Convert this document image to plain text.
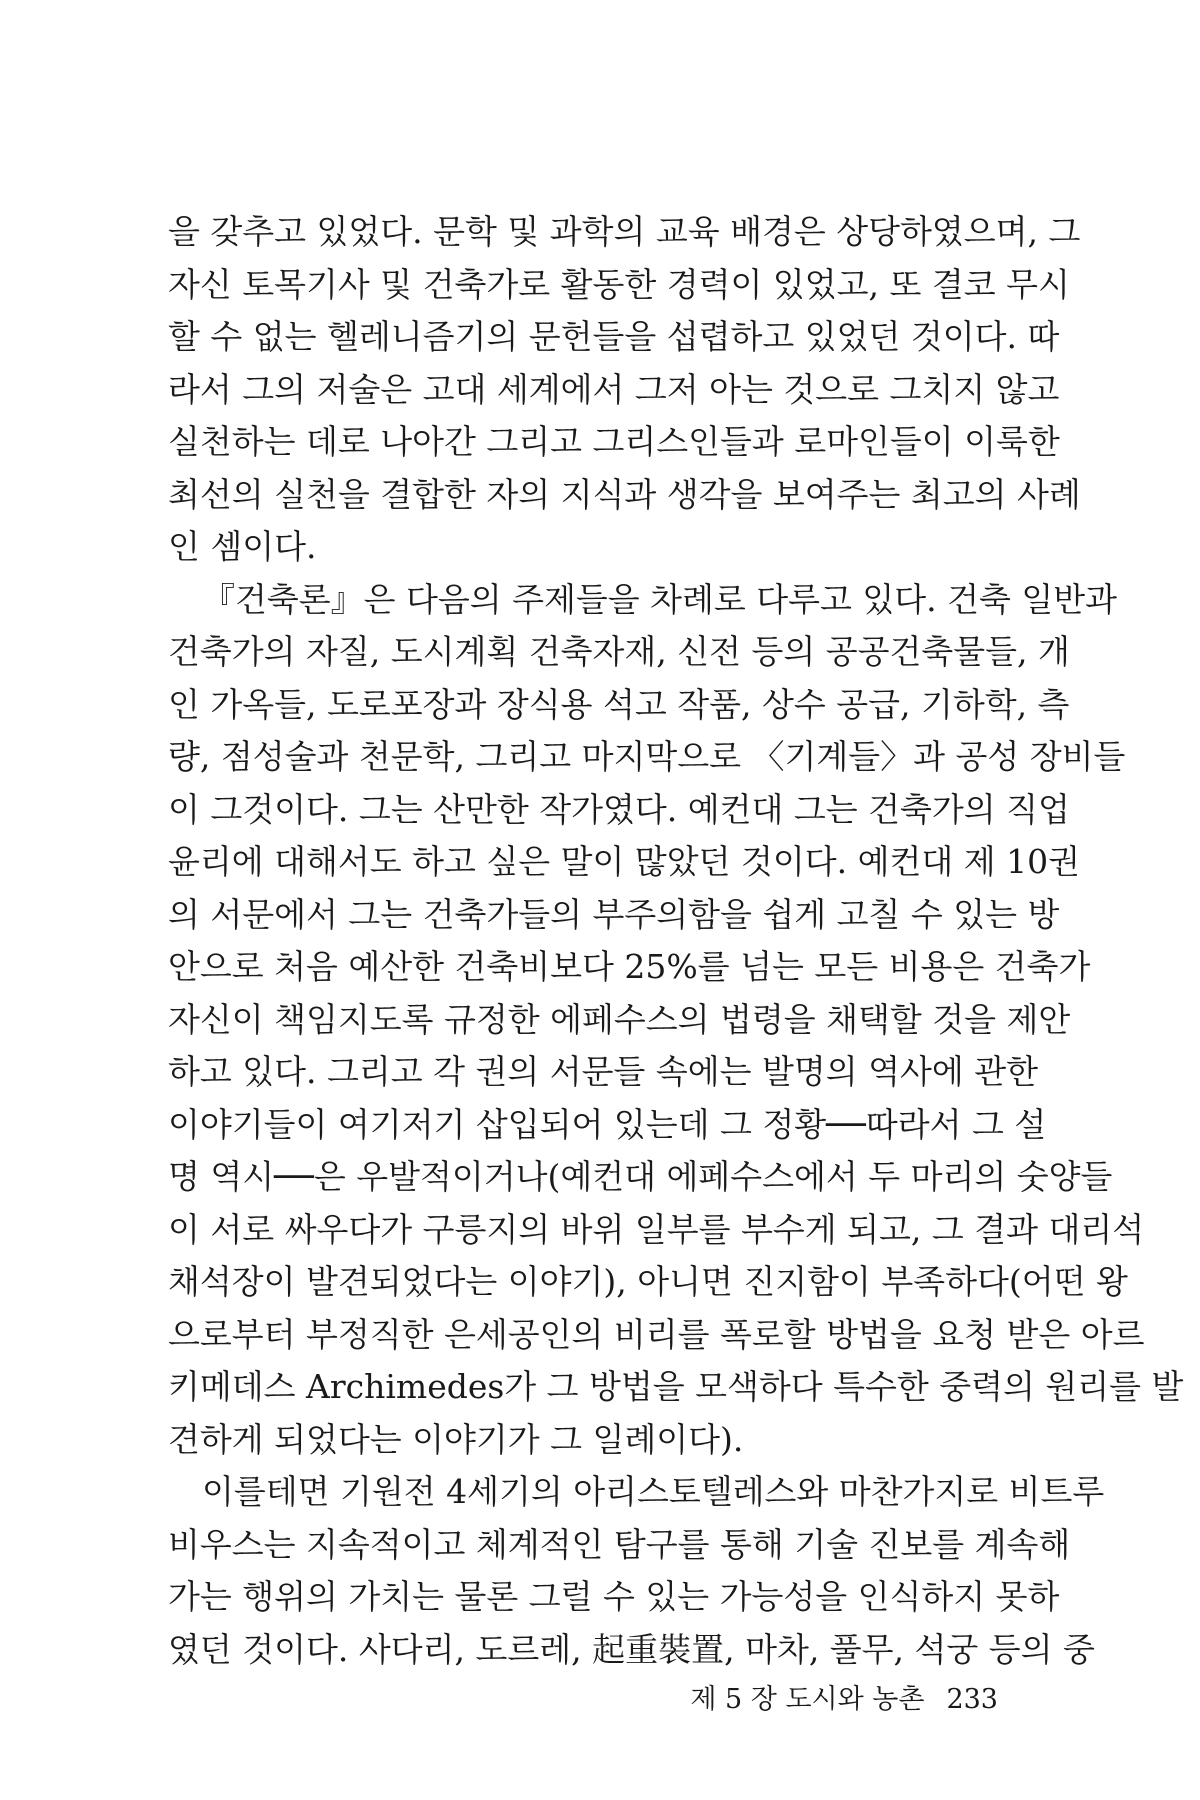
을 갖추고 있었다. 문학 및 과학의 교육 배경은 상당하였으며, 그
자신 토목기사 및 건축가로 활동한 경력이 있었고, 또 결코 무시
할 수 없는 헬레니즘기의 문헌들을 섭렵하고 있었던 것이다. 따
라서 그의 저술은 고대 세계에서 그저 아는 것으로 그치지 않고
실천하는 데로 나아간 그리고 그리스인들과 로마인들이 이룩한
최선의 실천을 결합한 자의 지식과 생각을 보여주는 최고의 사례
인 셈이다.
『건축론』은 다음의 주제들을 차례로 다루고 있다. 건축 일반과
건축가의 자질, 도시계획 건축자재, 신전 등의 공공건축물들, 개
인 가옥들, 도로포장과 장식용 석고 작품, 상수 공급, 기하학, 측
량, 점성술과 천문학, 그리고 마지막으로 〈기계들〉과 공성 장비들
이 그것이다. 그는 산만한 작가였다. 예컨대 그는 건축가의 직업
윤리에 대해서도 하고 싶은 말이 많았던 것이다. 예컨대 제 10권
의 서문에서 그는 건축가들의 부주의함을 쉽게 고칠 수 있는 방
안으로 처음 예산한 건축비보다 25%를 넘는 모든 비용은 건축가
자신이 책임지도록 규정한 에페수스의 법령을 채택할 것을 제안
하고 있다. 그리고 각 권의 서문들 속에는 발명의 역사에 관한
이야기들이 여기저기 삽입되어 있는데 그 정황──따라서 그 설
명 역시──은 우발적이거나(예컨대 에페수스에서 두 마리의 숫양들
이 서로 싸우다가 구릉지의 바위 일부를 부수게 되고, 그 결과 대리석
채석장이 발견되었다는 이야기), 아니면 진지함이 부족하다(어떤 왕
으로부터 부정직한 은세공인의 비리를 폭로할 방법을 요청 받은 아르
키메데스 Archimedes가 그 방법을 모색하다 특수한 중력의 원리를 발
견하게 되었다는 이야기가 그 일례이다).
이를테면 기원전 4세기의 아리스토텔레스와 마찬가지로 비트루
비우스는 지속적이고 체계적인 탐구를 통해 기술 진보를 계속해
가는 행위의 가치는 물론 그럴 수 있는 가능성을 인식하지 못하
였던 것이다. 사다리, 도르레, 起重裝置, 마차, 풀무, 석궁 등의 중
제 5 장 도시와 농촌 233
